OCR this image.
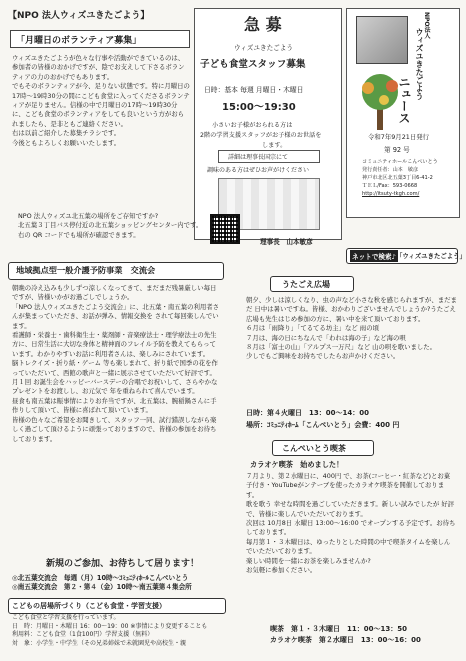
【NPO 法人ウィズユきたごよう】
「月曜日のボランティア募集」

ウィズユきたごようが色々な行事や活動ができているのは、参加者の皆様のおかげですが、陰でお支えして下さるボランティアの力のおかげでもあります。

でもそのボランティアが今、足りない状態です。特に月曜日の17時～19時30分の間にこども食堂に入ってくださるボランティアが足りません。信様の中で月曜日の17時～19時30分に、こども食堂のボランティアをしても良いという方がおられましたら、是非ともご連絡ください。

右は以前ご紹介した募集チラシです。

今後ともよろしくお願いいたします。

急 募
ウィズユきたごよう
子ども食堂スタッフ募集
日時：基本 毎週 月曜日・木曜日
15:00～19:30
小さいお子様がおられる方は
2階の学習支援スタッフがお子様のお世話を
します。
詳細は理事長国宗にて
調味のある方はぜひお声がけください
理事長　山本敏彦
NPO法人
ウィズユきたごよう
ニュース
令和7年9月21日発行
第 92 号
コミュニティホールこんぺいとう
発行責任者：山本　敏彦
神戸市北区北五葉3丁目6-41-2
ＴＥＬ/Fax：593-0668
http://itsuty-tkgh.com/
ネットで検索♪ 「ウィズユきたごよう」
NPO 法人ウィズユ北五葉の場所をご存知ですか?
北五葉３丁目バス停付近の北五葉ショッピングセンター内です。
右の QR コードでも場所が確認できます。
地域拠点型一般介護予防事業　交流会

朝晩の冷え込みも少しずつ涼しくなってきて、まだまだ残暑厳しい毎日ですが、皆様いかがお過ごしでしょうか。

「NPO 法人ウィズユきたごよう交流会」に、北五葉・南五葉の利用者さんが集まっていただき、お話が弾み、情報交換を されて毎回楽しんでいます。

看護師・栄養士・歯科衛生士・薬剤師・音楽療法士・理学療法士の先生方に、日常生活に大切な身体と精神面のフレイル予防を教えてもらっています。わかりやすいお話に利用者さんは、楽しみにされています。

脳トレクイズ・折り紙・ゲーム 等も楽しまれて、折り紙で国季の花を作っていただいて、西館の歌声と一緒に展示させていただいて好評です。

月１回 お誕生会をハッピーバースデーの合唱でお祝いして、さらやかなプレゼントをお渡しし、お元気で 年を重ねられて喜んでいます。

昼食も南五葉は賑事情によりお弁当ですが、北五葉は、腕稲鍋さんに手作りして頂いて、皆様に喜ばれて頂いています。

皆様の色々なご希望をお聞きして、スタッフ一同、試行錯誤しながら楽しく過ごして頂けるように頑張っておりますので、皆様の参加をお待ちしております。

新規のご参加、お待ちして居ります！
◎北五葉交流会　毎週（月）10時～ｺﾐｭﾆﾃｨﾎｰﾙこんぺいとう
◎南五葉交流会　第２・第４（金）10時～南五葉第４集会所
こどもの居場所づくり（こども食堂・学習支援）
こども食堂と学習支援を行っています。
日　時：月曜日・木曜日 16：00～19：00 ※事情により変更することも
利用料：こども食堂（1食100円）学習支援（無料）
対　象：小学生・中学生（その兄弟姉妹で未就園児や高校生・親
うたごえ広場

朝夕、少しは涼しくなり、虫の声など小さな秋を感じられますが、まだまだ 日中は暑いですね。皆様、おかわりございませんでしょうか?うたごえ広場も先生はじめ参加の方に、暑い中を来て頂いております。

６月は「雨降り」「てるてる坊主」など 雨の頃

７月は、海の日にちなんで「われは海の子」など海の唄

８月は「富士の山」「アルプス一万尺」など 山の唄を歌いました。

少しでもご興味をお持ちでしたらお声かけください。

日時：第４火曜日　13：00～14：00
場所：ｺﾐｭﾆﾃｨﾎｰﾑ「こんぺいとう」会費：400 円
こんぺいとう喫茶
カラオケ喫茶　始めました！

７月より、第２水曜日に、400円 で、お茶(コーヒー・紅茶など)とお菓子付き・YouTubeがンテーブを使ったカラオケ喫茶を開催しております。

歌を歌う 幸せな時間を過ごしていただきます。新しい試みでしたが 好評で、皆様に楽しんでいただいております。

次回は 10月8日 水曜日 13:00～16:00 でオープンする予定です。お待ちしております。

毎月第１・３木曜日は、ゆったりとした時間の中で喫茶タイムを楽しんでいただいております。

楽しい時間を一緒にお茶を楽しみませんか?

お気軽に参加ください。

喫茶　第１・３木曜日　11：00～13：50
カラオケ喫茶　第２水曜日　13：00～16：00
